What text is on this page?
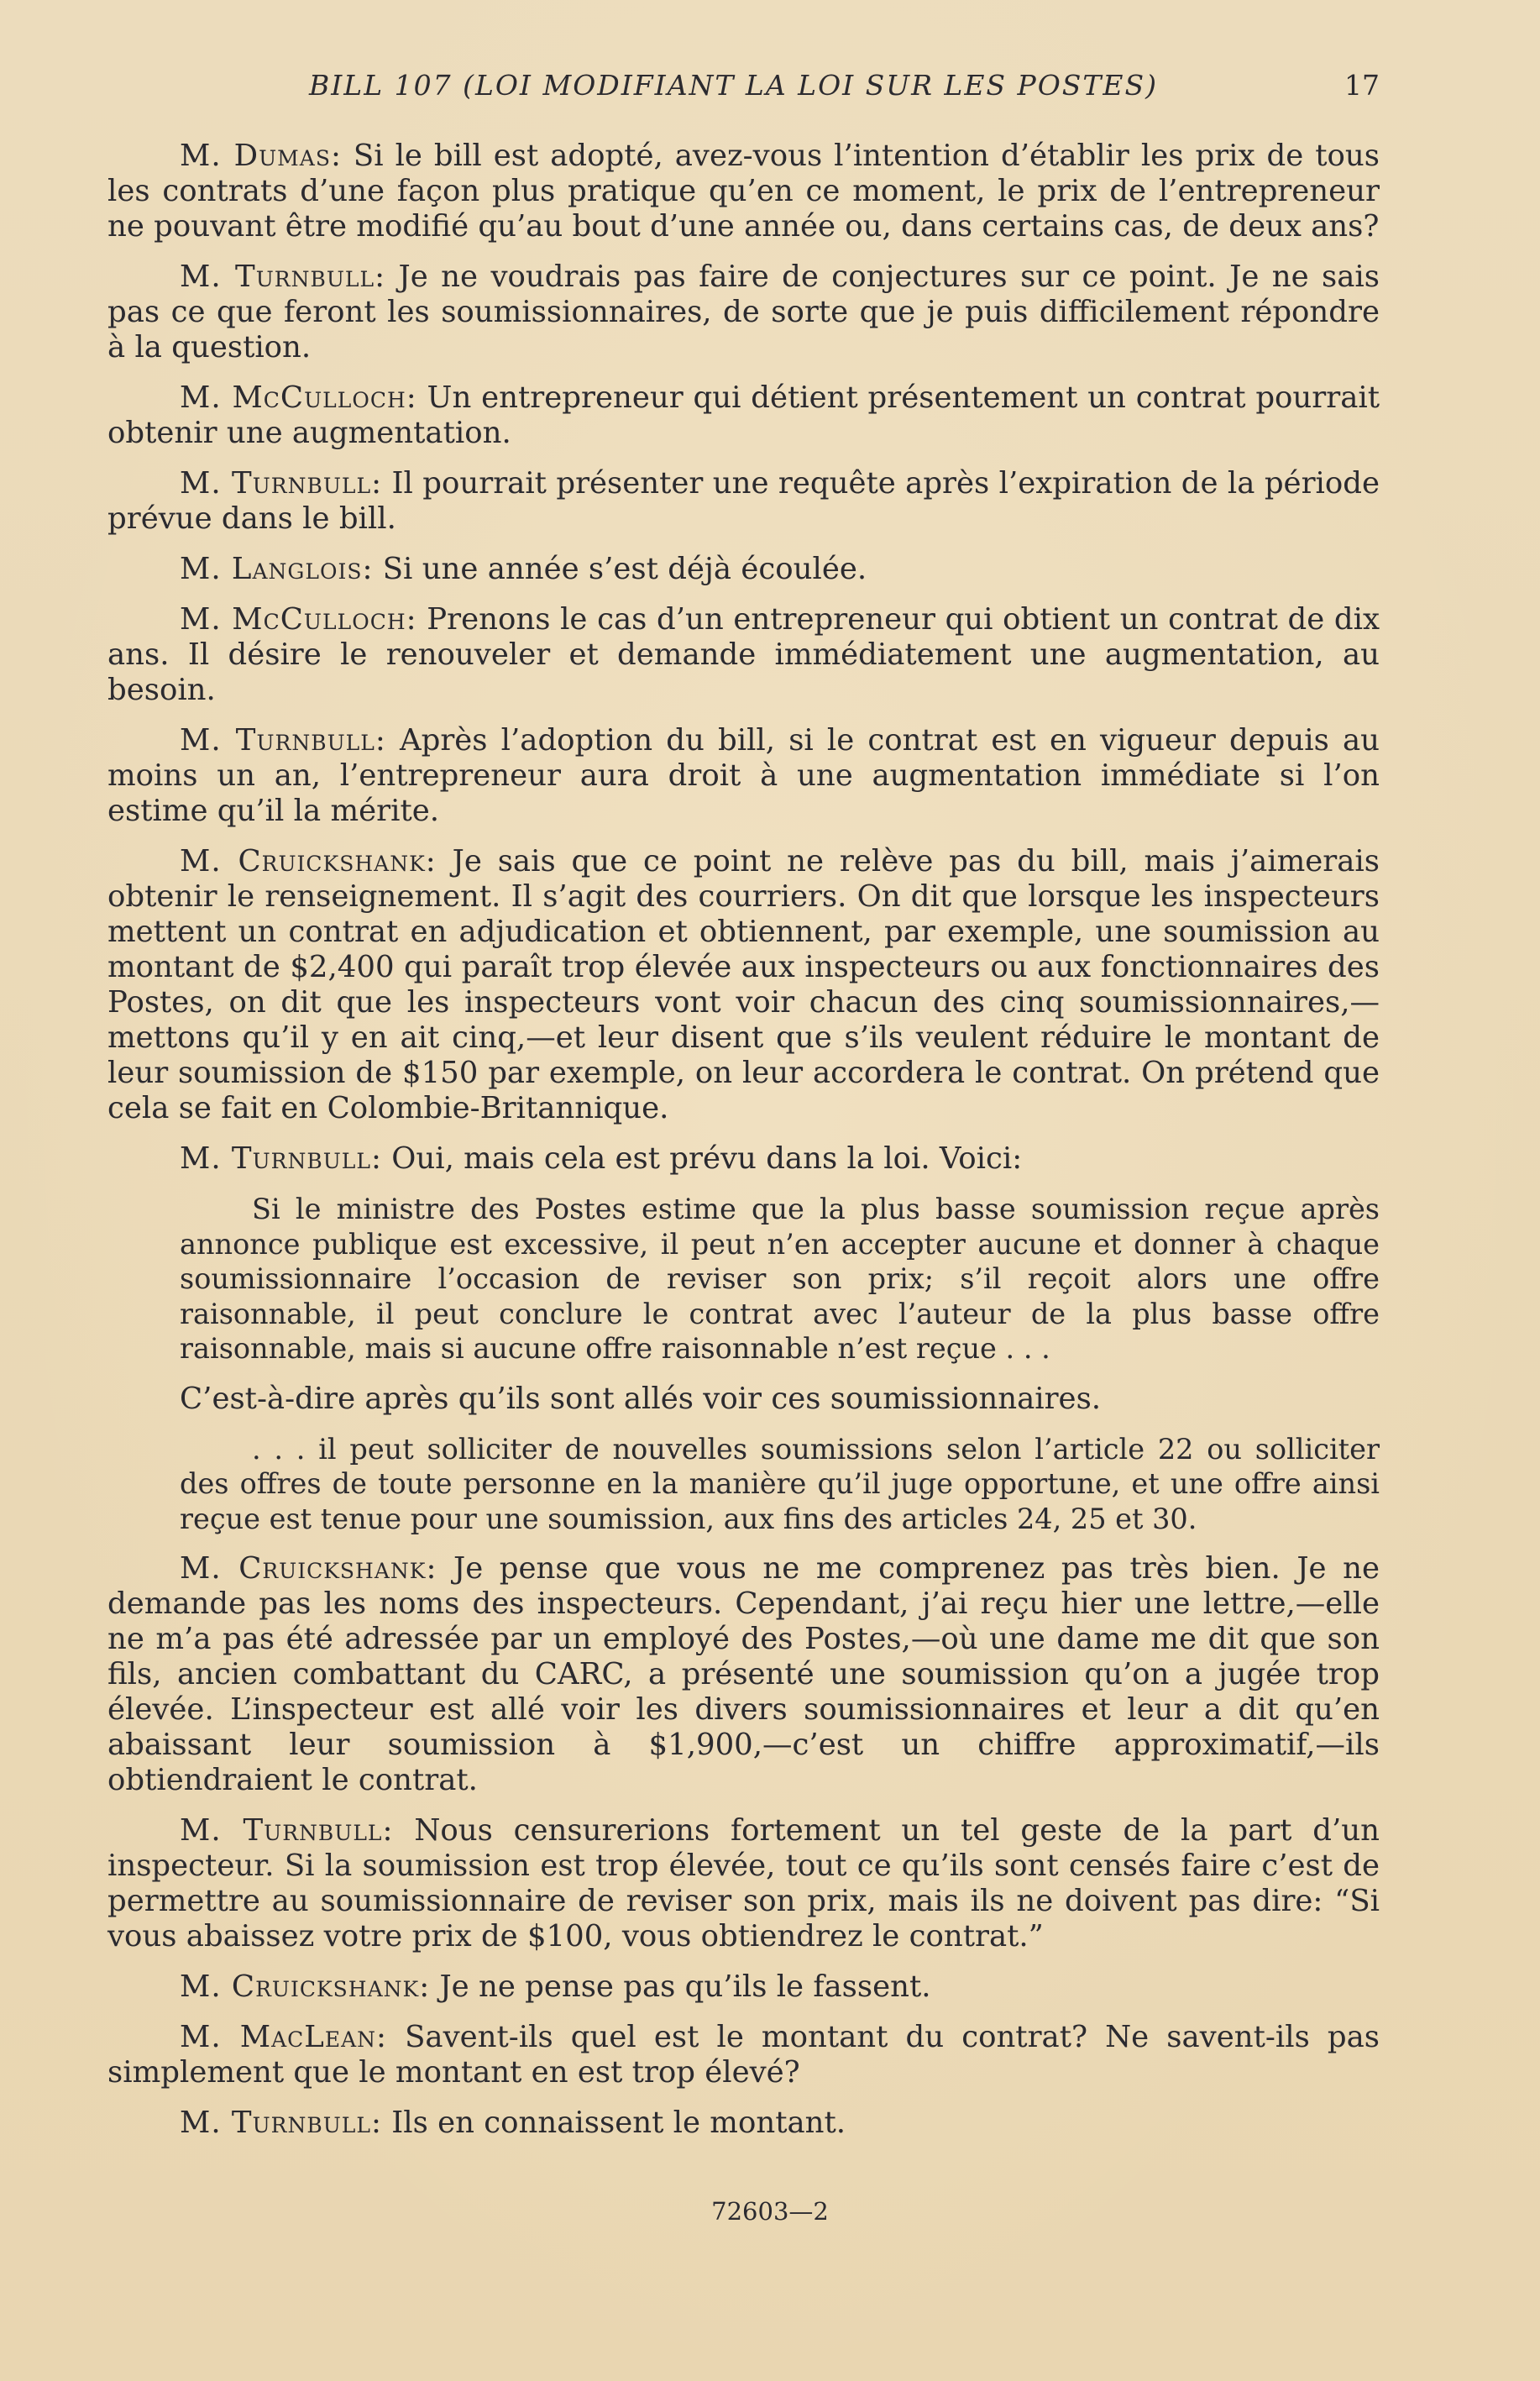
BILL 107 (LOI MODIFIANT LA LOI SUR LES POSTES)	17

M. Dumas: Si le bill est adopté, avez-vous l’intention d’établir les prix de tous les contrats d’une façon plus pratique qu’en ce moment, le prix de l’entrepreneur ne pouvant être modifié qu’au bout d’une année ou, dans certains cas, de deux ans?

M. Turnbull: Je ne voudrais pas faire de conjectures sur ce point. Je ne sais pas ce que feront les soumissionnaires, de sorte que je puis difficilement répondre à la question.

M. McCulloch: Un entrepreneur qui détient présentement un contrat pourrait obtenir une augmentation.

M. Turnbull: Il pourrait présenter une requête après l’expiration de la période prévue dans le bill.

M. Langlois: Si une année s’est déjà écoulée.

M. McCulloch: Prenons le cas d’un entrepreneur qui obtient un contrat de dix ans. Il désire le renouveler et demande immédiatement une augmentation, au besoin.

M. Turnbull: Après l’adoption du bill, si le contrat est en vigueur depuis au moins un an, l’entrepreneur aura droit à une augmentation immédiate si l’on estime qu’il la mérite.

M. Cruickshank: Je sais que ce point ne relève pas du bill, mais j’aimerais obtenir le renseignement. Il s’agit des courriers. On dit que lorsque les inspecteurs mettent un contrat en adjudication et obtiennent, par exemple, une soumission au montant de $2,400 qui paraît trop élevée aux inspecteurs ou aux fonctionnaires des Postes, on dit que les inspecteurs vont voir chacun des cinq soumissionnaires,—mettons qu’il y en ait cinq,—et leur disent que s’ils veulent réduire le montant de leur soumission de $150 par exemple, on leur accordera le contrat. On prétend que cela se fait en Colombie-Britannique.

M. Turnbull: Oui, mais cela est prévu dans la loi. Voici:

Si le ministre des Postes estime que la plus basse soumission reçue après annonce publique est excessive, il peut n’en accepter aucune et donner à chaque soumissionnaire l’occasion de reviser son prix; s’il reçoit alors une offre raisonnable, il peut conclure le contrat avec l’auteur de la plus basse offre raisonnable, mais si aucune offre raisonnable n’est reçue . . .

C’est-à-dire après qu’ils sont allés voir ces soumissionnaires.

. . . il peut solliciter de nouvelles soumissions selon l’article 22 ou solliciter des offres de toute personne en la manière qu’il juge opportune, et une offre ainsi reçue est tenue pour une soumission, aux fins des articles 24, 25 et 30.

M. Cruickshank: Je pense que vous ne me comprenez pas très bien. Je ne demande pas les noms des inspecteurs. Cependant, j’ai reçu hier une lettre,—elle ne m’a pas été adressée par un employé des Postes,—où une dame me dit que son fils, ancien combattant du CARC, a présenté une soumission qu’on a jugée trop élevée. L’inspecteur est allé voir les divers soumissionnaires et leur a dit qu’en abaissant leur soumission à $1,900,—c’est un chiffre approximatif,—ils obtiendraient le contrat.

M. Turnbull: Nous censurerions fortement un tel geste de la part d’un inspecteur. Si la soumission est trop élevée, tout ce qu’ils sont censés faire c’est de permettre au soumissionnaire de reviser son prix, mais ils ne doivent pas dire: “Si vous abaissez votre prix de $100, vous obtiendrez le contrat.”

M. Cruickshank: Je ne pense pas qu’ils le fassent.

M. MacLean: Savent-ils quel est le montant du contrat? Ne savent-ils pas simplement que le montant en est trop élevé?

M. Turnbull: Ils en connaissent le montant.

72603—2
